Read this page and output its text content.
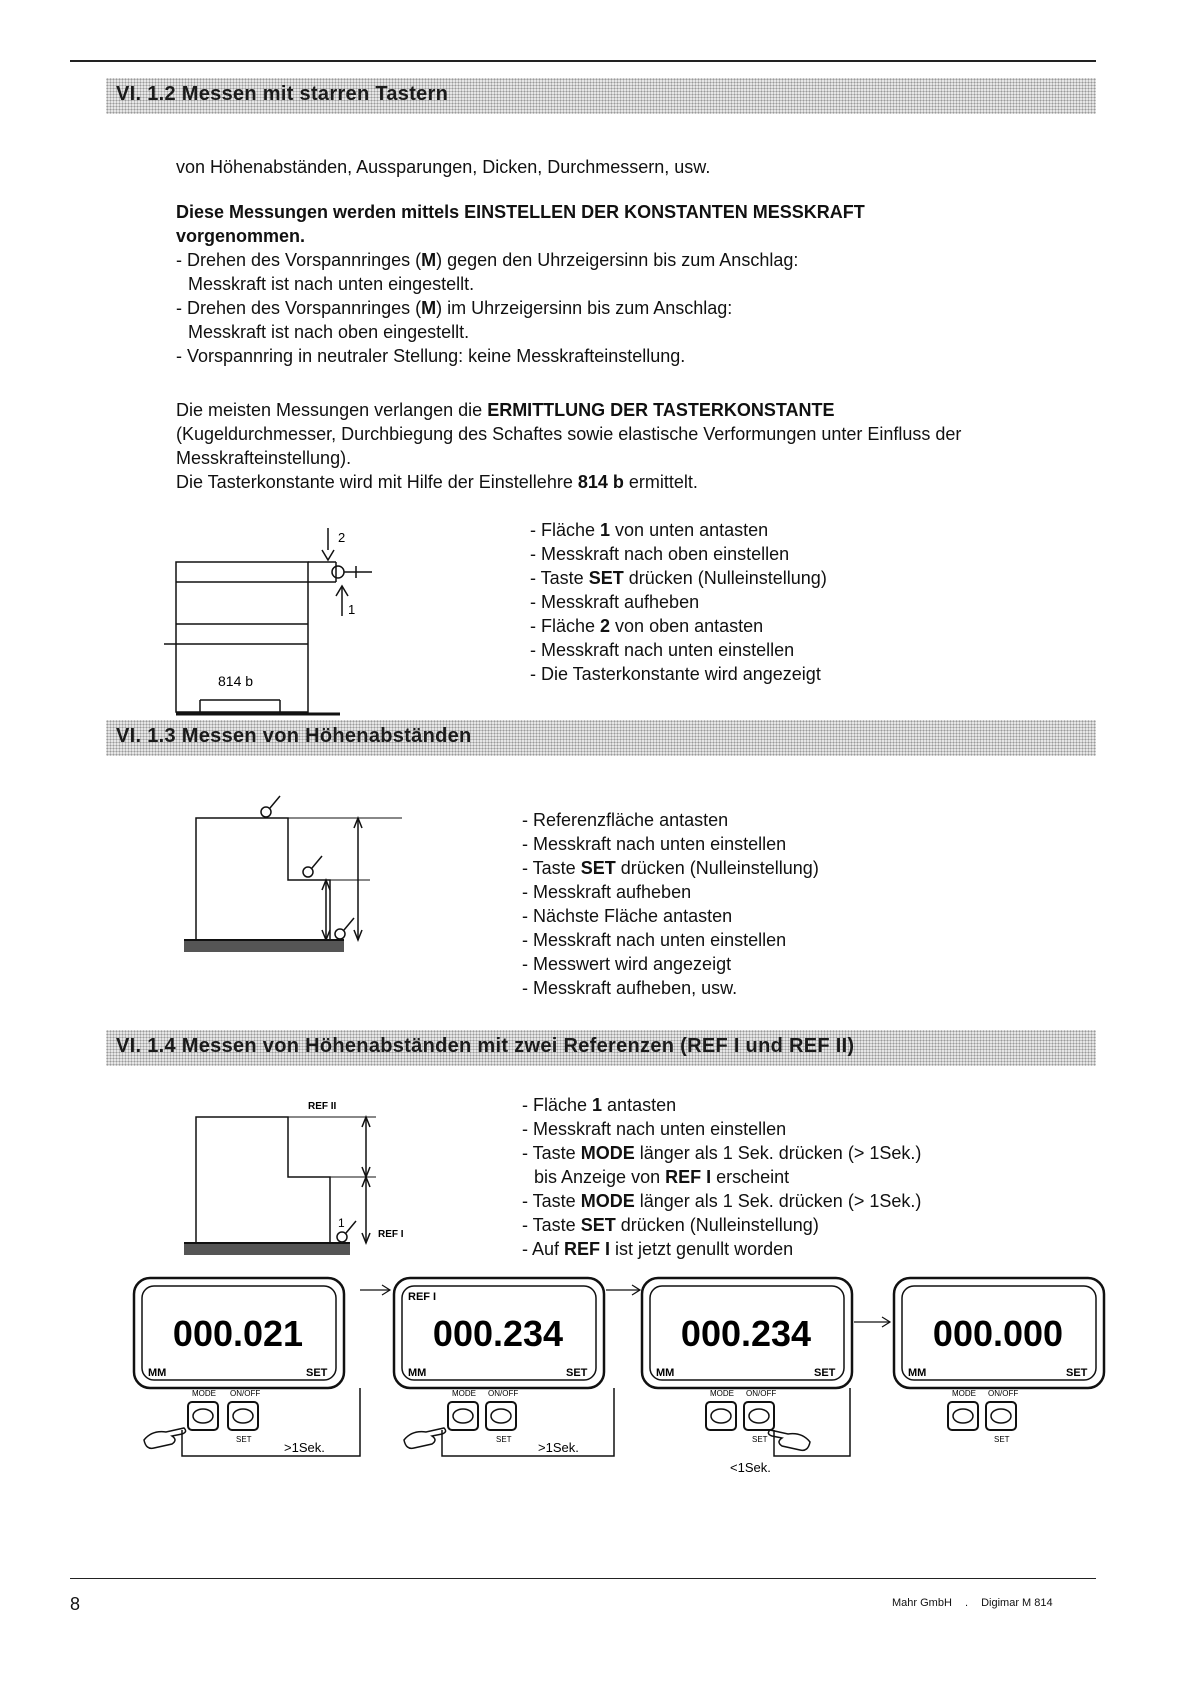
VI. 1.2 Messen mit starren Tastern
von Höhenabständen, Aussparungen, Dicken, Durchmessern, usw.
Diese Messungen werden mittels EINSTELLEN DER KONSTANTEN MESSKRAFT
vorgenommen.
- Drehen des Vorspannringes (M) gegen den Uhrzeigersinn bis zum Anschlag:
Messkraft ist nach unten eingestellt.
- Drehen des Vorspannringes (M) im Uhrzeigersinn bis zum Anschlag:
Messkraft ist nach oben eingestellt.
- Vorspannring in neutraler Stellung: keine Messkrafteinstellung.
Die meisten Messungen verlangen die ERMITTLUNG DER TASTERKONSTANTE
(Kugeldurchmesser, Durchbiegung des Schaftes sowie elastische Verformungen unter Einfluss der
Messkrafteinstellung).
Die Tasterkonstante wird mit Hilfe der Einstellehre 814 b ermittelt.
2
1
814 b
- Fläche 1 von unten antasten
- Messkraft nach oben einstellen
- Taste SET drücken (Nulleinstellung)
- Messkraft aufheben
- Fläche 2 von oben antasten
- Messkraft nach unten einstellen
- Die Tasterkonstante wird angezeigt
VI. 1.3 Messen von Höhenabständen
- Referenzfläche antasten
- Messkraft nach unten einstellen
- Taste SET drücken (Nulleinstellung)
- Messkraft aufheben
- Nächste Fläche antasten
- Messkraft nach unten einstellen
- Messwert wird angezeigt
- Messkraft aufheben, usw.
VI. 1.4 Messen von Höhenabständen mit zwei Referenzen (REF I und REF II)
REF II
REF I
1
- Fläche 1 antasten
- Messkraft nach unten einstellen
- Taste MODE länger als 1 Sek. drücken (> 1Sek.)
bis Anzeige von REF I erscheint
- Taste MODE länger als 1 Sek. drücken (> 1Sek.)
- Taste SET drücken (Nulleinstellung)
- Auf REF I ist jetzt genullt worden
000.021
MM	SET
REF I
000.234
MM	SET
000.234
MM	SET
000.000
MM	SET
MODE ON/OFF
SET
MODE ON/OFF
SET
MODE ON/OFF
SET
MODE ON/OFF
SET
>1Sek.	>1Sek.
<1Sek.
8	Mahr GmbH . Digimar M 814
